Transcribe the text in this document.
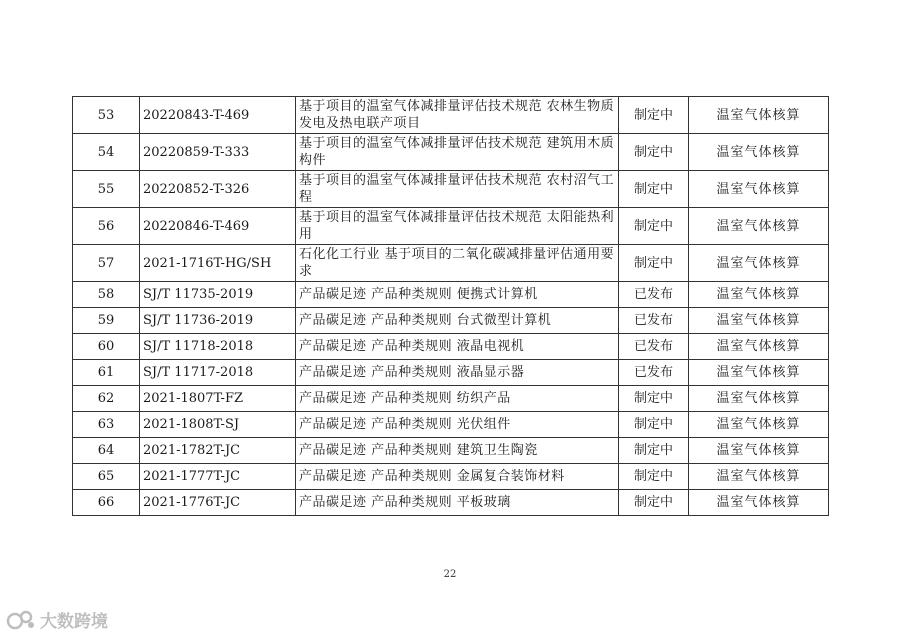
53	20220843-T-469	基于项目的温室气体减排量评估技术规范 农林生物质发电及热电联产项目	制定中	温室气体核算
54	20220859-T-333	基于项目的温室气体减排量评估技术规范 建筑用木质构件	制定中	温室气体核算
55	20220852-T-326	基于项目的温室气体减排量评估技术规范 农村沼气工程	制定中	温室气体核算
56	20220846-T-469	基于项目的温室气体减排量评估技术规范 太阳能热利用	制定中	温室气体核算
57	2021-1716T-HG/SH	石化化工行业 基于项目的二氧化碳减排量评估通用要求	制定中	温室气体核算
58	SJ/T 11735-2019	产品碳足迹 产品种类规则 便携式计算机	已发布	温室气体核算
59	SJ/T 11736-2019	产品碳足迹 产品种类规则 台式微型计算机	已发布	温室气体核算
60	SJ/T 11718-2018	产品碳足迹 产品种类规则 液晶电视机	已发布	温室气体核算
61	SJ/T 11717-2018	产品碳足迹 产品种类规则 液晶显示器	已发布	温室气体核算
62	2021-1807T-FZ	产品碳足迹 产品种类规则 纺织产品	制定中	温室气体核算
63	2021-1808T-SJ	产品碳足迹 产品种类规则 光伏组件	制定中	温室气体核算
64	2021-1782T-JC	产品碳足迹 产品种类规则 建筑卫生陶瓷	制定中	温室气体核算
65	2021-1777T-JC	产品碳足迹 产品种类规则 金属复合装饰材料	制定中	温室气体核算
66	2021-1776T-JC	产品碳足迹 产品种类规则 平板玻璃	制定中	温室气体核算
22
大数跨境
